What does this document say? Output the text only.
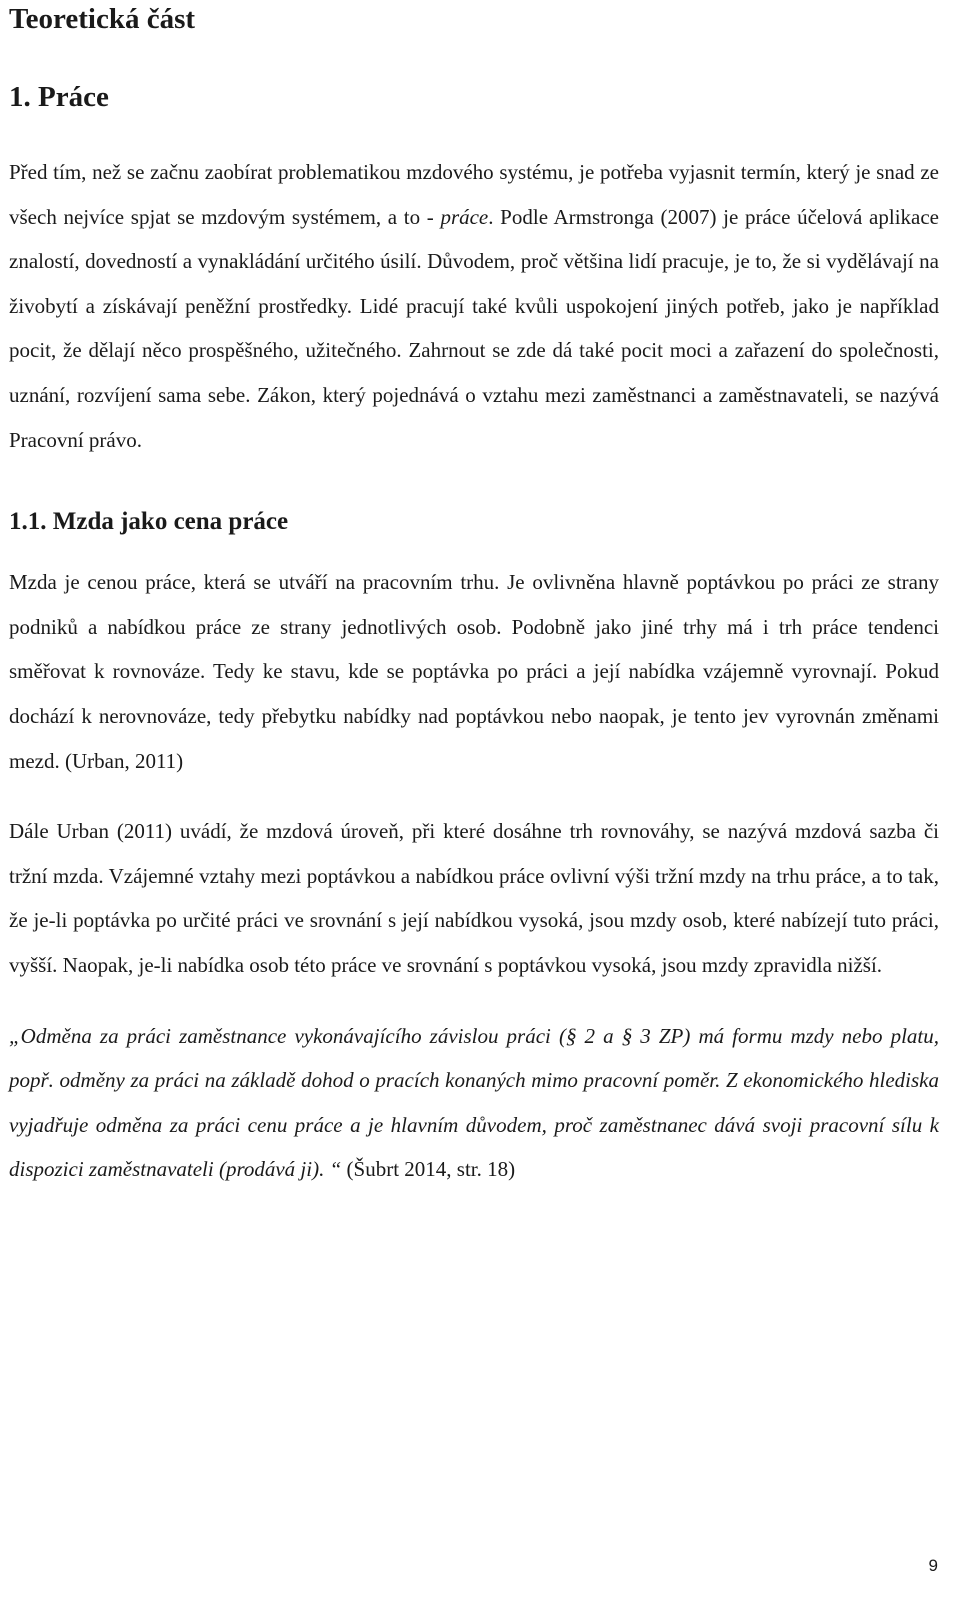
Teoretická část
1. Práce

Před tím, než se začnu zaobírat problematikou mzdového systému, je potřeba vyjasnit termín, který je snad ze všech nejvíce spjat se mzdovým systémem, a to - práce. Podle Armstronga (2007) je práce účelová aplikace znalostí, dovedností a vynakládání určitého úsilí. Důvodem, proč většina lidí pracuje, je to, že si vydělávají na živobytí a získávají peněžní prostředky. Lidé pracují také kvůli uspokojení jiných potřeb, jako je například pocit, že dělají něco prospěšného, užitečného. Zahrnout se zde dá také pocit moci a zařazení do společnosti, uznání, rozvíjení sama sebe. Zákon, který pojednává o vztahu mezi zaměstnanci a zaměstnavateli, se nazývá Pracovní právo.

1.1. Mzda jako cena práce

Mzda je cenou práce, která se utváří na pracovním trhu. Je ovlivněna hlavně poptávkou po práci ze strany podniků a nabídkou práce ze strany jednotlivých osob. Podobně jako jiné trhy má i trh práce tendenci směřovat k rovnováze. Tedy ke stavu, kde se poptávka po práci a její nabídka vzájemně vyrovnají. Pokud dochází k nerovnováze, tedy přebytku nabídky nad poptávkou nebo naopak, je tento jev vyrovnán změnami mezd. (Urban, 2011)

Dále Urban (2011) uvádí, že mzdová úroveň, při které dosáhne trh rovnováhy, se nazývá mzdová sazba či tržní mzda. Vzájemné vztahy mezi poptávkou a nabídkou práce ovlivní výši tržní mzdy na trhu práce, a to tak, že je-li poptávka po určité práci ve srovnání s její nabídkou vysoká, jsou mzdy osob, které nabízejí tuto práci, vyšší. Naopak, je-li nabídka osob této práce ve srovnání s poptávkou vysoká, jsou mzdy zpravidla nižší.

„Odměna za práci zaměstnance vykonávajícího závislou práci (§ 2 a § 3 ZP) má formu mzdy nebo platu, popř. odměny za práci na základě dohod o pracích konaných mimo pracovní poměr. Z ekonomického hlediska vyjadřuje odměna za práci cenu práce a je hlavním důvodem, proč zaměstnanec dává svoji pracovní sílu k dispozici zaměstnavateli (prodává ji). “ (Šubrt 2014, str. 18)

9
